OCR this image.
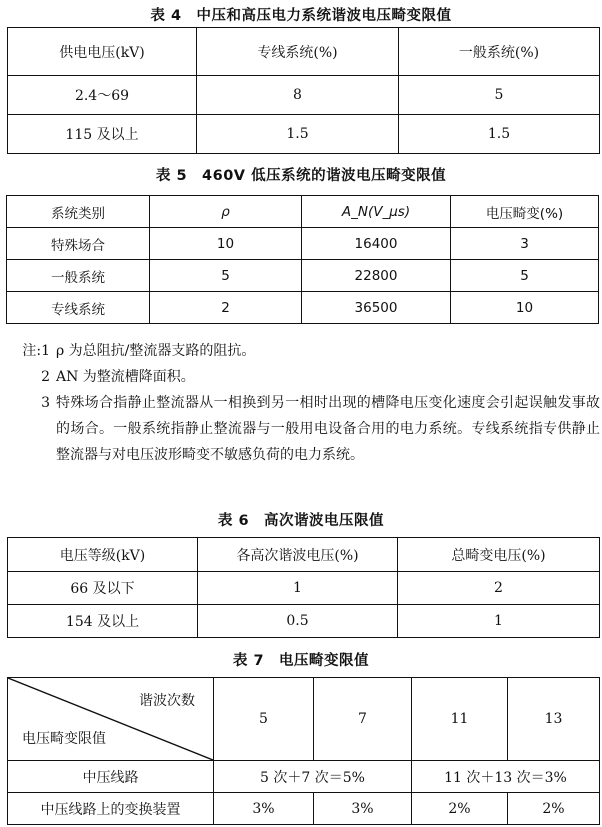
表 4　中压和高压电力系统谐波电压畸变限值
供电电压(kV)	专线系统(%)	一般系统(%)
2.4～69	8	5
115 及以上	1.5	1.5
表 5　460V 低压系统的谐波电压畸变限值
系统类别	ρ	A_N(V_μs)	电压畸变(%)
特殊场合	10	16400	3
一般系统	5	22800	5
专线系统	2	36500	10
注:1 ρ 为总阻抗/整流器支路的阻抗。
2 AN 为整流槽降面积。
3 特殊场合指静止整流器从一相换到另一相时出现的槽降电压变化速度会引起误触发事故的场合。一般系统指静止整流器与一般用电设备合用的电力系统。专线系统指专供静止整流器与对电压波形畸变不敏感负荷的电力系统。
表 6　高次谐波电压限值
电压等级(kV)	各高次谐波电压(%)	总畸变电压(%)
66 及以下	1	2
154 及以上	0.5	1
表 7　电压畸变限值
谐波次数
电压畸变限值	5	7	11	13
中压线路	5 次＋7 次＝5%		11 次＋13 次＝3%	
中压线路上的变换装置	3%	3%	2%	2%
